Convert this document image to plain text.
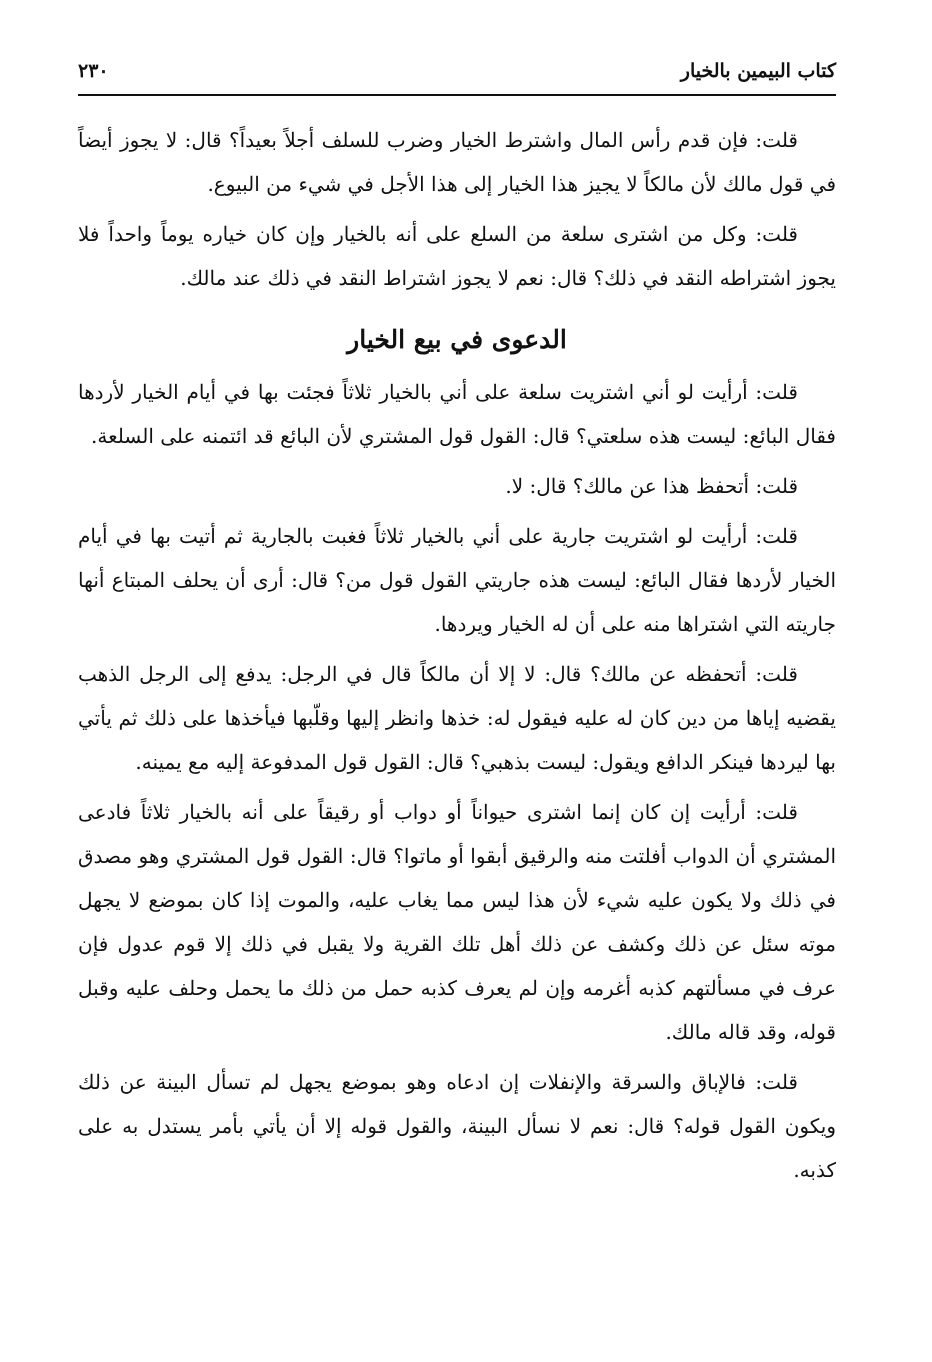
كتاب البيمين بالخيار
٢٣٠

قلت: فإن قدم رأس المال واشترط الخيار وضرب للسلف أجلاً بعيداً؟ قال: لا يجوز أيضاً في قول مالك لأن مالكاً لا يجيز هذا الخيار إلى هذا الأجل في شيء من البيوع.

قلت: وكل من اشترى سلعة من السلع على أنه بالخيار وإن كان خياره يوماً واحداً فلا يجوز اشتراطه النقد في ذلك؟ قال: نعم لا يجوز اشتراط النقد في ذلك عند مالك.

الدعوى في بيع الخيار

قلت: أرأيت لو أني اشتريت سلعة على أني بالخيار ثلاثاً فجئت بها في أيام الخيار لأردها فقال البائع: ليست هذه سلعتي؟ قال: القول قول المشتري لأن البائع قد ائتمنه على السلعة.

قلت: أتحفظ هذا عن مالك؟ قال: لا.

قلت: أرأيت لو اشتريت جارية على أني بالخيار ثلاثاً فغبت بالجارية ثم أتيت بها في أيام الخيار لأردها فقال البائع: ليست هذه جاريتي القول قول من؟ قال: أرى أن يحلف المبتاع أنها جاريته التي اشتراها منه على أن له الخيار ويردها.

قلت: أتحفظه عن مالك؟ قال: لا إلا أن مالكاً قال في الرجل: يدفع إلى الرجل الذهب يقضيه إياها من دين كان له عليه فيقول له: خذها وانظر إليها وقلّبها فيأخذها على ذلك ثم يأتي بها ليردها فينكر الدافع ويقول: ليست بذهبي؟ قال: القول قول المدفوعة إليه مع يمينه.

قلت: أرأيت إن كان إنما اشترى حيواناً أو دواب أو رقيقاً على أنه بالخيار ثلاثاً فادعى المشتري أن الدواب أفلتت منه والرقيق أبقوا أو ماتوا؟ قال: القول قول المشتري وهو مصدق في ذلك ولا يكون عليه شيء لأن هذا ليس مما يغاب عليه، والموت إذا كان بموضع لا يجهل موته سئل عن ذلك وكشف عن ذلك أهل تلك القرية ولا يقبل في ذلك إلا قوم عدول فإن عرف في مسألتهم كذبه أغرمه وإن لم يعرف كذبه حمل من ذلك ما يحمل وحلف عليه وقبل قوله، وقد قاله مالك.

قلت: فالإباق والسرقة والإنفلات إن ادعاه وهو بموضع يجهل لم تسأل البينة عن ذلك ويكون القول قوله؟ قال: نعم لا نسأل البينة، والقول قوله إلا أن يأتي بأمر يستدل به على كذبه.
